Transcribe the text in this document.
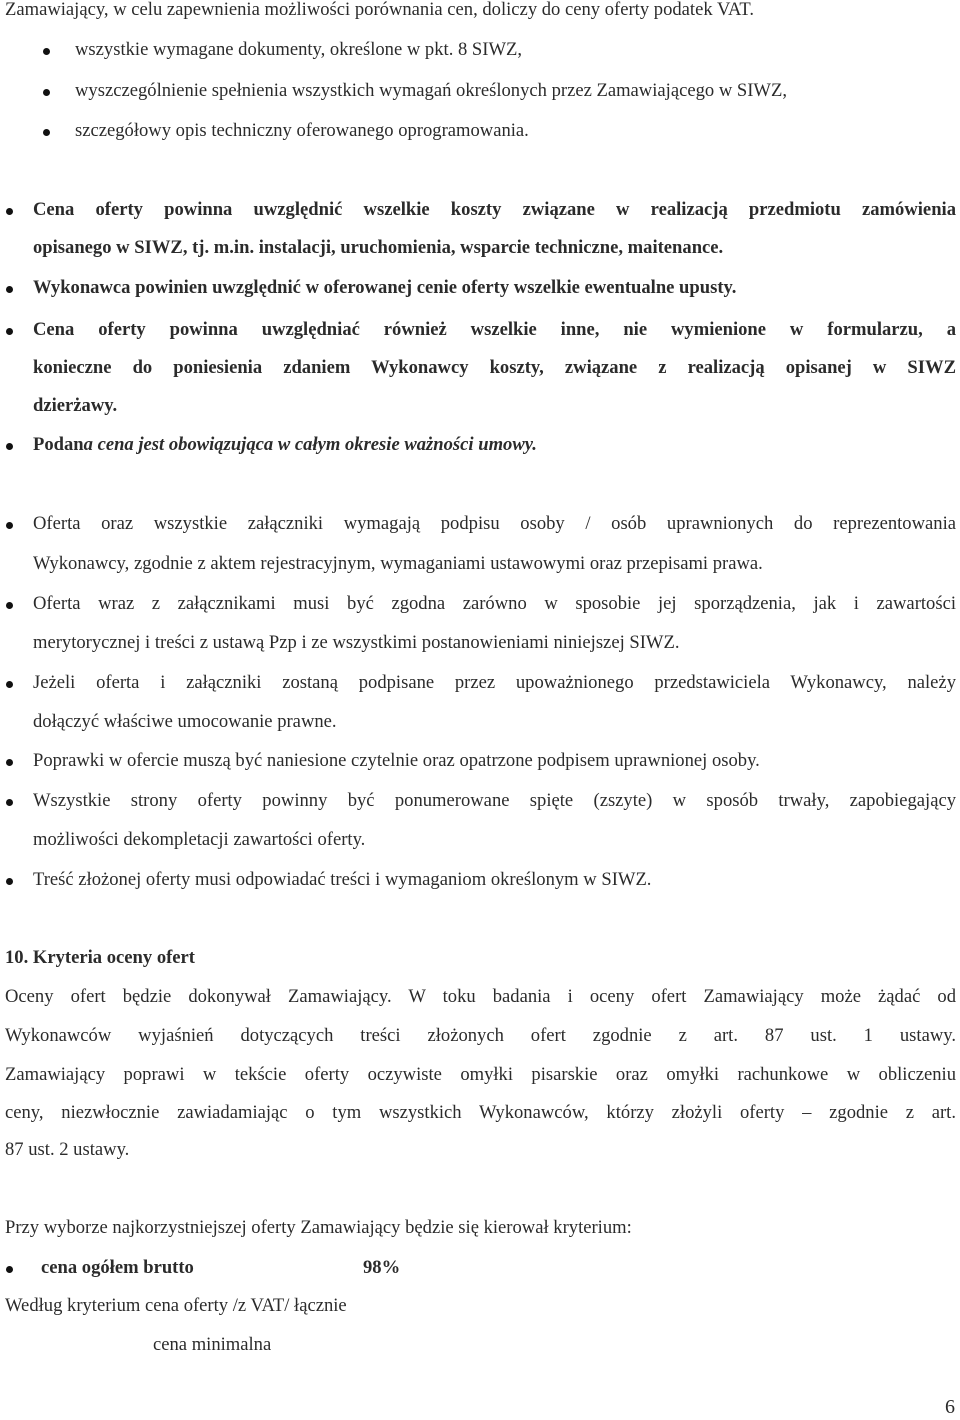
Zamawiający, w celu zapewnienia możliwości porównania cen, doliczy do ceny oferty podatek VAT.
wszystkie wymagane dokumenty, określone w pkt. 8 SIWZ,
wyszczególnienie spełnienia wszystkich wymagań określonych przez Zamawiającego w SIWZ,
szczegółowy opis techniczny oferowanego oprogramowania.
Cena oferty powinna uwzględnić wszelkie koszty związane w realizacją przedmiotu zamówienia
opisanego w SIWZ, tj. m.in. instalacji, uruchomienia, wsparcie techniczne, maitenance.
Wykonawca powinien uwzględnić w oferowanej cenie oferty wszelkie ewentualne upusty.
Cena oferty powinna uwzględniać również wszelkie inne, nie wymienione w formularzu, a
konieczne do poniesienia zdaniem Wykonawcy koszty, związane z realizacją opisanej w SIWZ
dzierżawy.
Podana cena jest obowiązująca w całym okresie ważności umowy.
Oferta oraz wszystkie załączniki wymagają podpisu osoby / osób uprawnionych do reprezentowania
Wykonawcy, zgodnie z aktem rejestracyjnym, wymaganiami ustawowymi oraz przepisami prawa.
Oferta wraz z załącznikami musi być zgodna zarówno w sposobie jej sporządzenia, jak i zawartości
merytorycznej i treści z ustawą Pzp i ze wszystkimi postanowieniami niniejszej SIWZ.
Jeżeli oferta i załączniki zostaną podpisane przez upoważnionego przedstawiciela Wykonawcy, należy
dołączyć właściwe umocowanie prawne.
Poprawki w ofercie muszą być naniesione czytelnie oraz opatrzone podpisem uprawnionej osoby.
Wszystkie strony oferty powinny być ponumerowane spięte (zszyte) w sposób trwały, zapobiegający
możliwości dekompletacji zawartości oferty.
Treść złożonej oferty musi odpowiadać treści i wymaganiom określonym w SIWZ.
10. Kryteria oceny ofert
Oceny ofert będzie dokonywał Zamawiający. W toku badania i oceny ofert Zamawiający może żądać od
Wykonawców wyjaśnień dotyczących treści złożonych ofert zgodnie z art. 87 ust. 1 ustawy.
Zamawiający poprawi w tekście oferty oczywiste omyłki pisarskie oraz omyłki rachunkowe w obliczeniu
ceny, niezwłocznie zawiadamiając o tym wszystkich Wykonawców, którzy złożyli oferty – zgodnie z art.
87 ust. 2 ustawy.
Przy wyborze najkorzystniejszej oferty Zamawiający będzie się kierował kryterium:
cena ogółem brutto	98%
Według kryterium cena oferty /z VAT/ łącznie
cena minimalna
6
